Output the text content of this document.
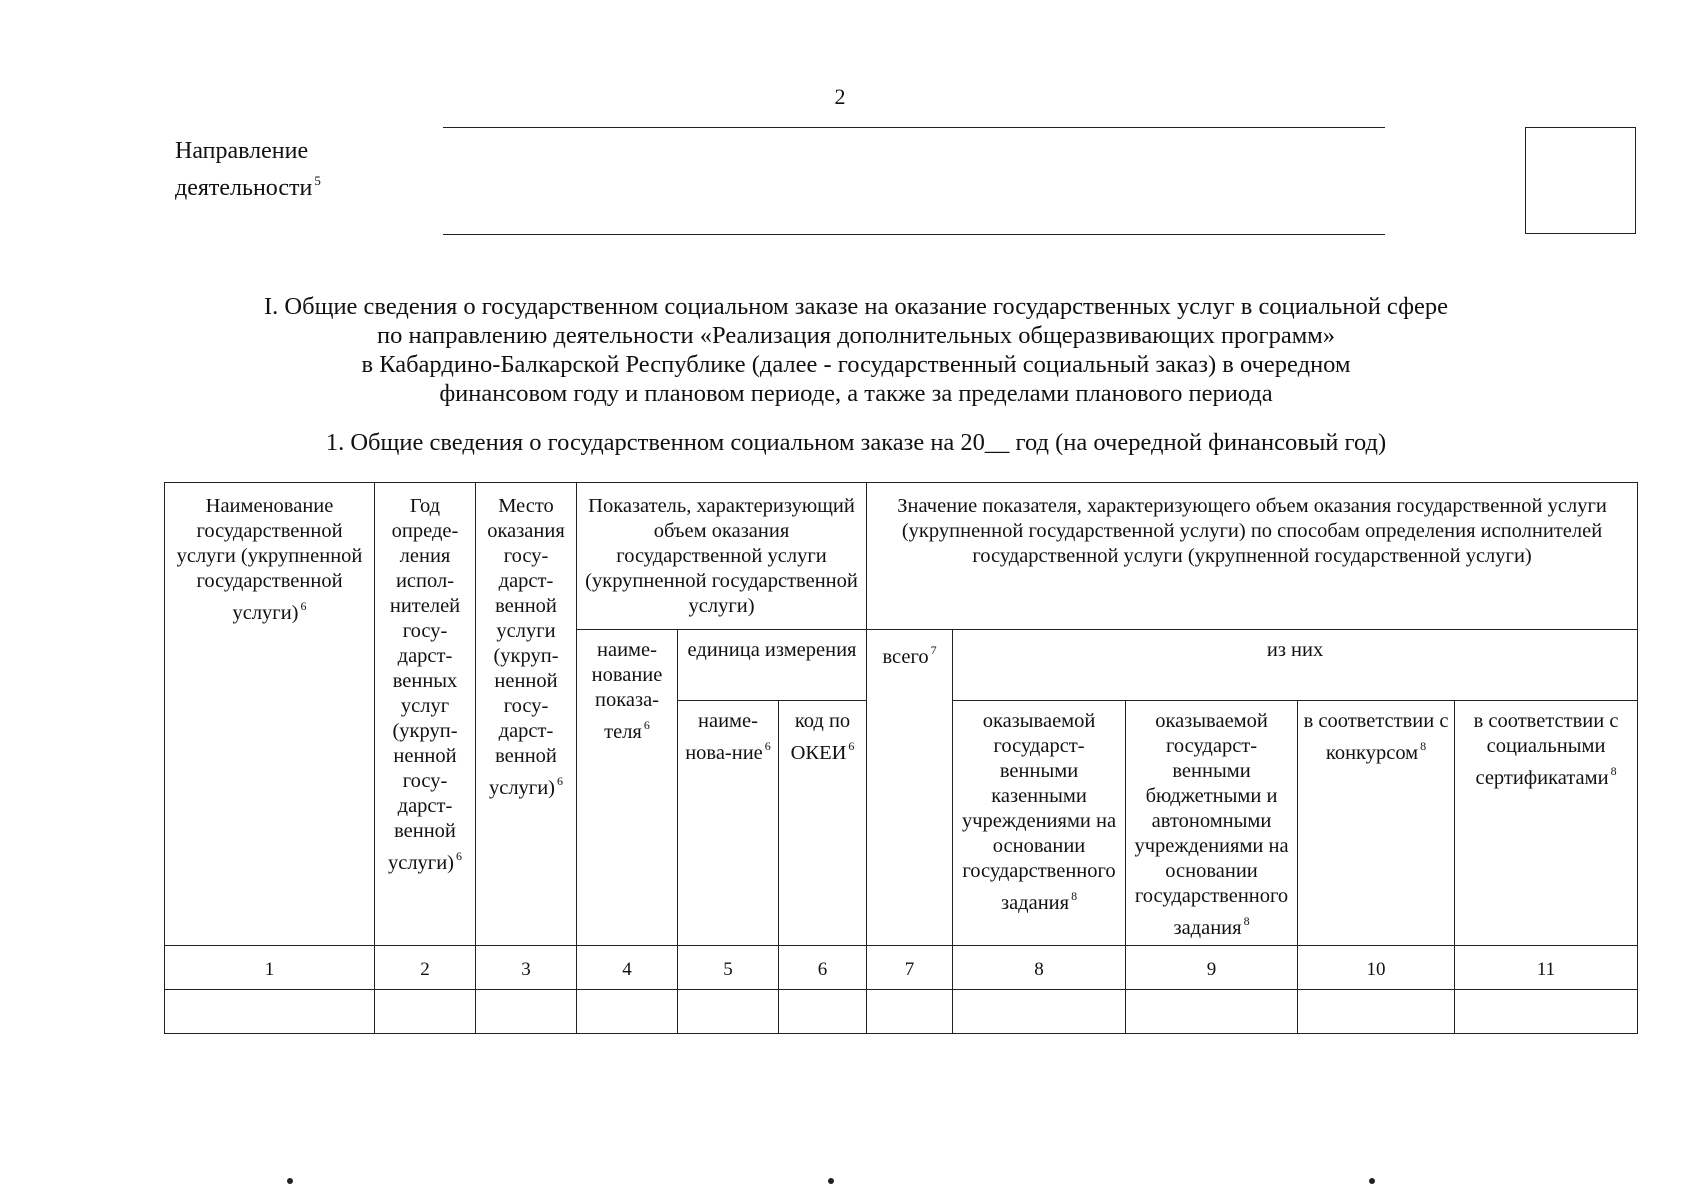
2
Направление
деятельности $^5$
I. Общие сведения о государственном социальном заказе на оказание государственных услуг в социальной сфере
по направлению деятельности «Реализация дополнительных общеразвивающих программ»
в Кабардино-Балкарской Республике (далее - государственный социальный заказ) в очередном
финансовом году и плановом периоде, а также за пределами планового периода
1. Общие сведения о государственном социальном заказе на 20__ год (на очередной финансовый год)
Наименование государственной услуги (укрупненной государственной услуги) $^6$	Год опреде-ления испол-нителей госу-дарст-венных услуг (укруп-ненной госу-дарст-венной услуги) $^6$	Место оказания госу-дарст-венной услуги (укруп-ненной госу-дарст-венной услуги) $^6$	Показатель, характеризующий объем оказания государственной услуги (укрупненной государственной услуги)			Значение показателя, характеризующего объем оказания государственной услуги (укрупненной государственной услуги) по способам определения исполнителей государственной услуги (укрупненной государственной услуги)				
			наиме-нование показа-теля $^6$	единица измерения		всего $^7$	из них			
				наиме-нова-ние $^6$	код по ОКЕИ $^6$		оказываемой государст-венными казенными учреждениями на основании государственного задания $^8$	оказываемой государст-венными бюджетными и автономными учреждениями на основании государственного задания $^8$	в соответствии с конкурсом $^8$	в соответствии с социальными сертификатами $^8$
1	2	3	4	5	6	7	8	9	10	11
